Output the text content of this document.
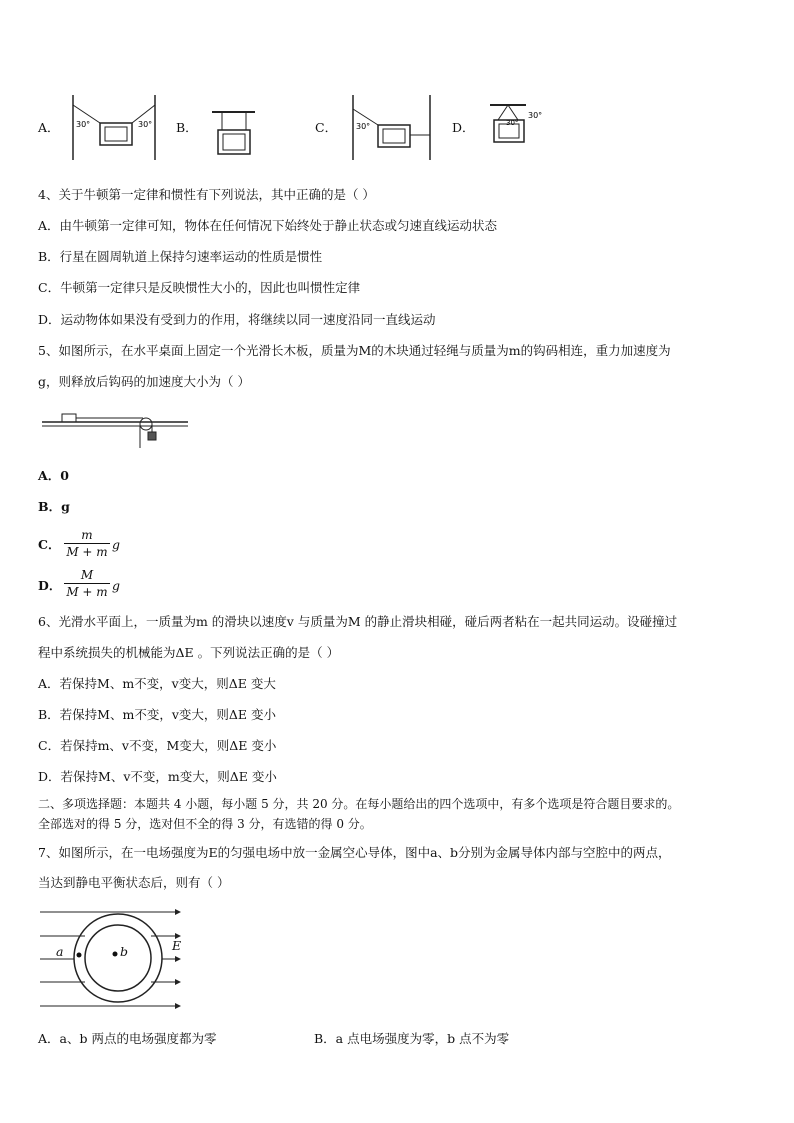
A． 30°	30° B．	C． 30°	D．
30°
30°
4、关于牛顿第一定律和惯性有下列说法，其中正确的是（ ）
A．由牛顿第一定律可知，物体在任何情况下始终处于静止状态或匀速直线运动状态
B．行星在圆周轨道上保持匀速率运动的性质是惯性
C．牛顿第一定律只是反映惯性大小的，因此也叫惯性定律
D．运动物体如果没有受到力的作用，将继续以同一速度沿同一直线运动
5、如图所示，在水平桌面上固定一个光滑长木板，质量为M的木块通过轻绳与质量为m的钩码相连，重力加速度为
g，则释放后钩码的加速度大小为（ ）
A．0
B．g
C．
m
M + m g
D．
M
M + m g
6、光滑水平面上，一质量为m 的滑块以速度v 与质量为M 的静止滑块相碰，碰后两者粘在一起共同运动。设碰撞过
程中系统损失的机械能为ΔE 。下列说法正确的是（ ）
A．若保持M、m不变，v变大，则ΔE 变大
B．若保持M、m不变，v变大，则ΔE 变小
C．若保持m、v不变，M变大，则ΔE 变小
D．若保持M、v不变，m变大，则ΔE 变小
二、多项选择题：本题共 4 小题，每小题 5 分，共 20 分。在每小题给出的四个选项中，有多个选项是符合题目要求的。
全部选对的得 5 分，选对但不全的得 3 分，有选错的得 0 分。
7、如图所示，在一电场强度为E的匀强电场中放一金属空心导体，图中a、b分别为金属导体内部与空腔中的两点，
当达到静电平衡状态后，则有（ ）
a	b	E
A．a、b 两点的电场强度都为零	B．a 点电场强度为零，b 点不为零
